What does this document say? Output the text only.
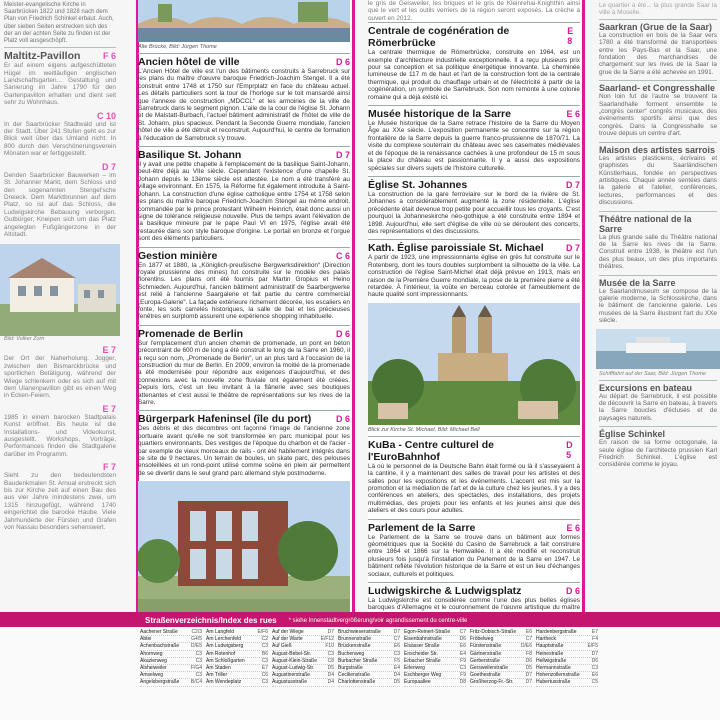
Meister-evangelische Kirche in Saarbrücken 1822 und 1828 nach dem Plan von Friedrich Schinkel erbaut. Auch, über sieben Seiten erstrecken sich des der an der achten Seite zu finden ist der Platz voll ausgeschöpft.
Maltitz-Pavillon	F 6
Er auf einem eigens aufgeschütteten Hügel im weitläufigen englischen Landschaftsgarten... Gestaltung und Sanierung im Jahre 1790 für den Gartenpavillon erhalten und dient seit sehr zu Wohnhaus.
C 10
In der Saarbrücker Stadtwald und ist der Stadt. Über 241 Stufen geht es zur Blick weit über das Umland nicht. In 800 durch den Verschönerungsverein Mönaten war er fertiggestellt.
D 7
Denden Saarbrücker Bauwerken – im St. Johanner Markt, dem Schloss und den sogenannten Stengel'sche Dreieck. Dem Marktbrunnen auf dem Platz, so ist auf das Schloss, die Ludwigskirche Bebauung verborgen. Gutbürger, Kneipen sich um das Platz angelegten Fußgängerzone in der Altstadt.
Bild: Volker Zorn
E 7
Der Ort der Naherholung. Jogger, zwischen den Bismarckbrücke und sportlichen Betätigung, während der Wiege schlenkern oder es sich auf mit dem Ulanenpavillon gibt es einen Weg in Ecken-Feiern.
E 7
1985 in einem barocken Stadtpalais Kunst eröffnet. Bis heute ist die Installations- und Videokunst, ausgestellt. Workshops, Vorträge, Performances finden die Stadtgalerie darüber im Programm.
F 7
Sieht zu den bedeutendsten Baudenkmalen St. Arnual erstreckt sich bis zur Kirche zeit auf einen Bau des aus vier Jahre mindestens zwei, um 1315 hinzugefügt, während 1740 eingerichtet die barocke Haube. Viele Jahrhunderte der Fürsten und Grafen von Nassau besonders sehenswert.
Alte Brücke, Bild: Jürgen Thome
Ancien hôtel de ville	D 6
L'Ancien Hôtel de ville est l'un des bâtiments construits à Sarrebruck sur les plans du maître d'œuvre baroque Friedrich-Joachim Stengel. Il a été construit entre 1748 et 1750 sur l'Emprplatz en face du château actuel. Les détails particuliers sont la tour de l'horloge sur le toit mansardé ainsi que l'annexe de construction „MDCCL“ et les armoiries de la ville de Sarrebruck dans le segment pignon. L'aile de la cour de l'église St. Johann et de Malstatt-Burbach, l'actuel bâtiment administratif de l'hôtel de ville de St. Johann, plus spacieux. Pendant la Seconde Guerre mondiale, l'ancien hôtel de ville a été détruit et reconstruit. Aujourd'hui, le centre de formation à l'éducation de Sarrebruck s'y trouve.
Basilique St. Johann	D 7
Il y avait une petite chapelle à l'emplacement de la basilique Saint-Johann, peut-être déjà au VIIe siècle. Cependant l'existence d'une chapelle St. Johann depuis le 13ème siècle est attestée. Le nom a été transféré au village environnant. En 1575, la Réforme fut également introduite à Saint-Johann. La construction d'une église catholique entre 1754 et 1758 selon les plans du maître baroque Friedrich-Joachim Stengel au même endroit, commandée par le prince protestant Wilhelm Heinrich, était donc aussi un signe de tolérance religieuse nouvelle. Plus de temps avant l'élévation de la basilique mineure par le pape Paul VI en 1975, l'église avait été restaurée dans son style baroque d'origine. Le portail en bronze et l'orgue sont des éléments particuliers.
Gestion minière	C 6
En 1877 et 1880, la „Königlich-preußische Bergwerksdirektion“ (Direction royale prussienne des mines) fut construite sur le modèle des palais florentins. Les plans ont été fournis par Martin Gropius et Heino Schmieden. Aujourd'hui, l'ancien bâtiment administratif de Saarbergwerke est relié à l'ancienne Saargalerie et fait partie du centre commercial „Europa-Galerie“. La façade extérieure richement décorée, les escaliers en fonte, les sols carrelés historiques, la salle de bal et les précieuses fenêtres en surplomb assurent une expérience shopping inhabituelle.
Promenade de Berlin	D 6
Sur l'emplacement d'un ancien chemin de promenade, un pont en béton précontraint de 600 m de long a été construit le long de la Sarre en 1960, il a reçu son nom, „Promenade de Berlin“, un an plus tard à l'occasion de la construction du mur de Berlin. En 2009, environ la moitié de la promenade a été modernisée pour répondre aux exigences d'aujourd'hui, et des connexions avec la nouvelle zone fluviale ont également été créées. Depuis lors, c'est un lieu invitant à la flânerie avec ses boutiques attenantes et c'est aussi le théâtre de représentations sur les rives de la Sarre.
Bürgerpark Hafeninsel (île du port)	D 6
Des débris et des décombres ont façonné l'image de l'ancienne zone portuaire avant qu'elle ne soit transformée en parc municipal pour les quartiers environnants. Des vestiges de l'époque du charbon et de l'acier - par exemple de vieux morceaux de rails - ont été habilement intégrés dans ce site de 9 hectares. Un terrain de boules, un skate parc, des pelouses ensoleillées et un rond-point utilisé comme scène en plein air permettent de se divertir dans le seul grand parc allemand style postmoderne.
le gris de Geisweiler, les briques et le gris de Kleinrehai-Knighthin ainsi que le vert et les outils verriers de la région seront exposés. La crèche a ouvert en 2012.
Centrale de cogénération de Römerbrücke
E 8
La centrale thermique de Römerbrücke, construite en 1964, est un exemple d'architecture industrielle exceptionnelle. Il a reçu plusieurs prix pour sa conception et sa politique énergétique innovante. La cheminée lumineuse de 117 m de haut et l'art de la construction font de la centrale thermique, qui produit du chauffage urbain et de l'électricité à partir de la cogénération, un symbole de Sarrebruck. Son nom remonte à une colonie romaine qui a déjà existé ici.
Musée historique de la Sarre	E 6
Le Musée historique de la Sarre retrace l'histoire de la Sarre du Moyen Âge au XXe siècle. L'exposition permanente se concentre sur la région frontalière de la Sarre depuis la guerre franco-prussienne de 1870/71. La visite du complexe souterrain du château avec ses casemates médiévales et de l'époque de la renaissance cachées à une profondeur de 15 m sous la place du château est passionnante. Il y a aussi des expositions spéciales sur divers sujets de l'histoire culturelle.
Église St. Johannes	D 7
La construction de la gare ferroviaire sur le bord de la rivière de St. Johannes a considérablement augmenté la zone résidentielle. L'église précédente était devenue trop petite pour accueillir tous les croyants. C'est pourquoi la Johanneskirche néo-gothique a été construite entre 1894 et 1898. Aujourd'hui, elle sert d'église de ville où se déroulent des concerts, des représentations et des discussions.
Kath. Église paroissiale St. Michael D 7
A partir de 1923, une impressionnante église en grès fut construite sur le Rotenberg, dont les tours doubles surplombent la silhouette de la ville. La construction de l'église Saint-Michel était déjà prévue en 1913, mais en raison de la Première Guerre mondiale, la pose de la première pierre a été retardée. À l'intérieur, la voûte en berceau colorée et l'ameublement de haute qualité sont impressionnants.
Blick zur Kirche St. Michael, Bild: Michael Bell
KuBa - Centre culturel de l'EuroBahnhof
D 5
Là où le personnel de la Deutsche Bahn était formé ou là il s'asseyaient à la cantine, il y a maintenant des salles de travail pour les artistes et des salles pour les expositions et les événements. L'accent est mis sur la promotion et la médiation de l'art et de la culture chez les jeunes. Il y a des conférences en ateliers, des spectacles, des installations, des projets multimédias, des projets pour les enfants et les jeunes ainsi que des ateliers et des cours pour adultes.
Parlement de la Sarre	E 6
Le Parlement de la Sarre se trouve dans un bâtiment aux formes géométriques que la Société du Casino de Sarrebruck a fait construire entre 1864 et 1866 sur la Hemwallée. Il a été modifié et reconstruit plusieurs fois jusqu'à l'installation du Parlement de la Sarre en 1947. Le bâtiment reflète l'évolution historique de la Sarre et est un lieu d'échanges sociaux, culturels et politiques.
Ludwigskirche & Ludwigsplatz	D 6
La Ludwigskirche est considérée comme l'une des plus belles églises baroques d'Allemagne et le couronnement de l'œuvre artistique du maître
Le quartier a été... la plus grande Saar la ville à Moselle.
Saarkran (Grue de la Saar)
La construction en bois de la Saar vers 1780 a été transformé de transportées entre les Pays-Bas et la Saar, une fondation des marchandises de chargement sur les rives de la Saar la grue de la Sarre a été achevée en 1991.
Saarland- et Congresshalle
Non loin fut de l'autre se trouvent la Saarlandhalle forment ensemble le „congrès center“ congrès musicaux, des événements sportifs ainsi que des congrès. Dans la Congresshalle se trouve depuis un centre d'art.
Maison des artistes sarrois
Les artistes plasticiens, écrivains et graphistes du Saarländischen Künstlerhaus, fondée en perspectives artistiques. Chaque année sentées dans la galerie et l'atelier, conférences, lectures, performances et des discussions.
Théâtre national de la Sarre
La plus grande salle du Théâtre national de la Sarre les rives de la Sarre. Construit entre 1938, le théâtre est l'un des plus beaux, un des plus importants théâtres.
Musée de la Sarre
Le Saarlandmuseum se compose de la galerie moderne, la Schlosskirche, dans le bâtiment de l'ancienne galerie. Les musées de la Sarre illustrent l'art du XXe siècle.
Schifffahrt auf der Saar, Bild: Jürgen Thome
Excursions en bateau
Au départ de Sarrebruck, il est possible de découvrir la Sarre en bateau, à travers la Sarre boucles d'écluses et de paysages naturels.
Église Schinkel
En raison de sa forme octogonale, la seule église de l'architecte prussien Karl Friedrich Schinkel. L'église est considérée comme le joyau.
Straßenverzeichnis/Index des rues * siehe Innenstadtvergrößerung/voir agrandissement du centre-ville
Aachener Straße	C2/3
Abtei	G4/5
Achenbachstraße D/E5
Ahornweg	C3
Akazienweg	C3
Alsheiweiler	F/G4
Amselweg	C3
Angelsbergstraße B/C4
Am Langfeld	E/F6
Am Lerchenfeld	C2
Am Ludwigsberg	C3
Am Rotenhof	B6
Am Schloßgarten	C3
Am Staden	E7
Am Triller	C6
Am Wendeplatz	C3
Auf der Wiege	D7
Auf der Warte	E/F12
Auf Gieß	F10
August-Bebel-Str.	C3
August-Klein-Straße C8
August-Ludwig-Str.	D5
Augustinerstraße	D4
Augustusstraße	D4
Bruchwiesenstraße	D7
Brunnenstraße	C7
Brückenstraße	E6
Buchenweg	C3
Burbacher Straße	F5
Burgstraße	E4
Cecilienstraße	D4
Charlottenstraße	D5
Egon-Reinert-Straße C7
Eisenbahnstraße	D6
Elsässer Straße	E6
Enscheider Str.	E4
Erbacher Straße	F9
Erlenweg	C3
Eschberger Weg	F9
Europaallee	D8
Fritz-Dobisch-Straße E6
Fröbelweg	C7
Fürstenstraße	D/E6
Gärtnerstraße	F8
Gerberstraße	D6
Gersweilerstraße	D5
Goethestraße	D7
Großherzog-Fr.-Str. D7
Hardenbergstraße	E7
Hartheck	F4
Hauptstraße	E/F5
Heinestraße	D7
Hellwigstraße	D6
Hermannstraße	C3
Hohenzollernstraße E6
Hubertusstraße	C5
